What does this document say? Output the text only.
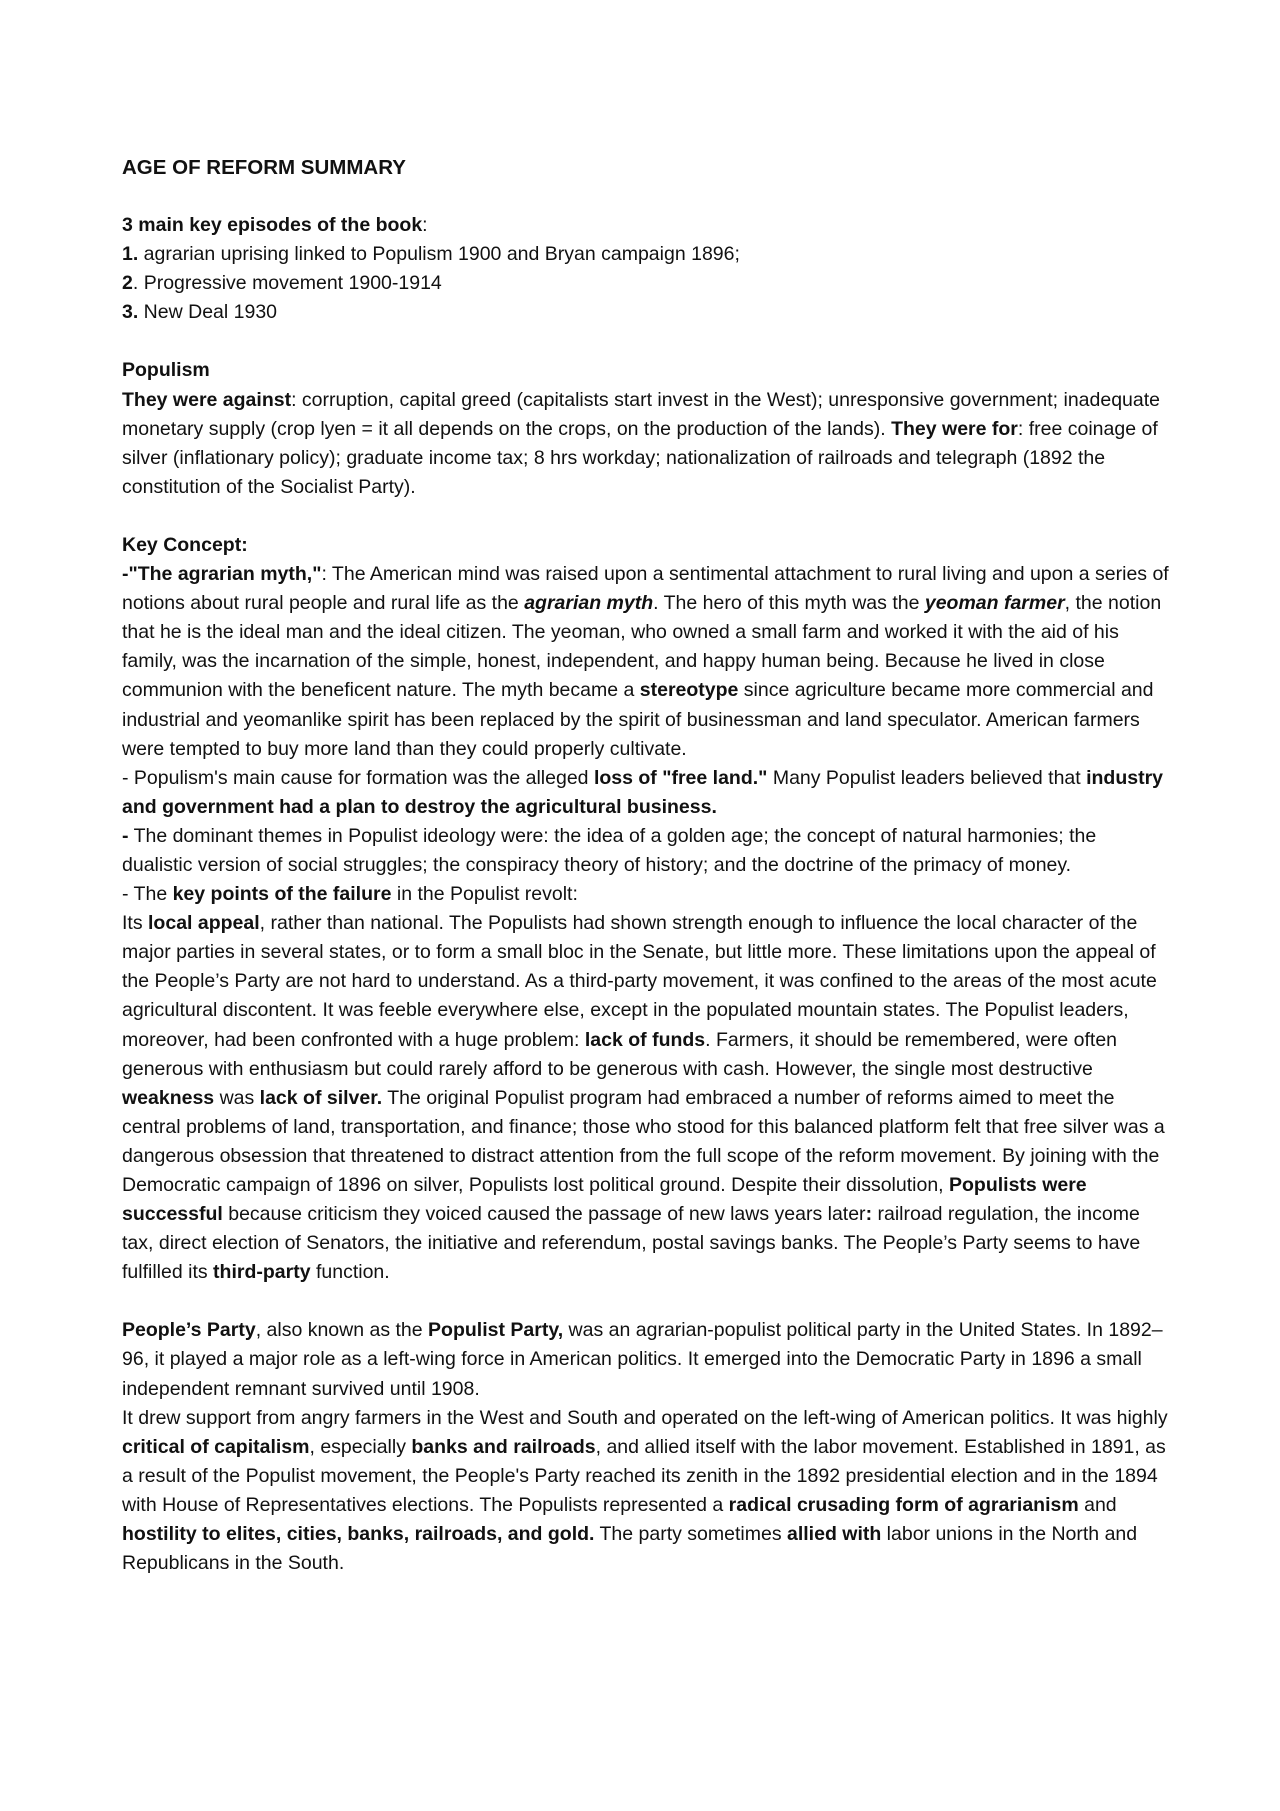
AGE OF REFORM SUMMARY
3 main key episodes of the book:
1. agrarian uprising linked to Populism 1900 and Bryan campaign 1896;
2. Progressive movement 1900-1914
3. New Deal 1930
Populism

They were against: corruption, capital greed (capitalists start invest in the West); unresponsive government; inadequate monetary supply (crop lyen = it all depends on the crops, on the production of the lands). They were for: free coinage of silver (inflationary policy); graduate income tax; 8 hrs workday; nationalization of railroads and telegraph (1892 the constitution of the Socialist Party).

Key Concept:

-"The agrarian myth,": The American mind was raised upon a sentimental attachment to rural living and upon a series of notions about rural people and rural life as the agrarian myth. The hero of this myth was the yeoman farmer, the notion that he is the ideal man and the ideal citizen. The yeoman, who owned a small farm and worked it with the aid of his family, was the incarnation of the simple, honest, independent, and happy human being. Because he lived in close communion with the beneficent nature. The myth became a stereotype since agriculture became more commercial and industrial and yeomanlike spirit has been replaced by the spirit of businessman and land speculator. American farmers were tempted to buy more land than they could properly cultivate.

- Populism's main cause for formation was the alleged loss of "free land." Many Populist leaders believed that industry and government had a plan to destroy the agricultural business.

- The dominant themes in Populist ideology were: the idea of a golden age; the concept of natural harmonies; the dualistic version of social struggles; the conspiracy theory of history; and the doctrine of the primacy of money.

- The key points of the failure in the Populist revolt:

Its local appeal, rather than national. The Populists had shown strength enough to influence the local character of the major parties in several states, or to form a small bloc in the Senate, but little more. These limitations upon the appeal of the People’s Party are not hard to understand. As a third-party movement, it was confined to the areas of the most acute agricultural discontent. It was feeble everywhere else, except in the populated mountain states. The Populist leaders, moreover, had been confronted with a huge problem: lack of funds. Farmers, it should be remembered, were often generous with enthusiasm but could rarely afford to be generous with cash. However, the single most destructive weakness was lack of silver. The original Populist program had embraced a number of reforms aimed to meet the central problems of land, transportation, and finance; those who stood for this balanced platform felt that free silver was a dangerous obsession that threatened to distract attention from the full scope of the reform movement. By joining with the Democratic campaign of 1896 on silver, Populists lost political ground. Despite their dissolution, Populists were successful because criticism they voiced caused the passage of new laws years later: railroad regulation, the income tax, direct election of Senators, the initiative and referendum, postal savings banks. The People’s Party seems to have fulfilled its third-party function.

People’s Party, also known as the Populist Party, was an agrarian-populist political party in the United States. In 1892–96, it played a major role as a left-wing force in American politics. It emerged into the Democratic Party in 1896 a small independent remnant survived until 1908.

It drew support from angry farmers in the West and South and operated on the left-wing of American politics. It was highly critical of capitalism, especially banks and railroads, and allied itself with the labor movement. Established in 1891, as a result of the Populist movement, the People's Party reached its zenith in the 1892 presidential election and in the 1894 with House of Representatives elections. The Populists represented a radical crusading form of agrarianism and hostility to elites, cities, banks, railroads, and gold. The party sometimes allied with labor unions in the North and Republicans in the South.
